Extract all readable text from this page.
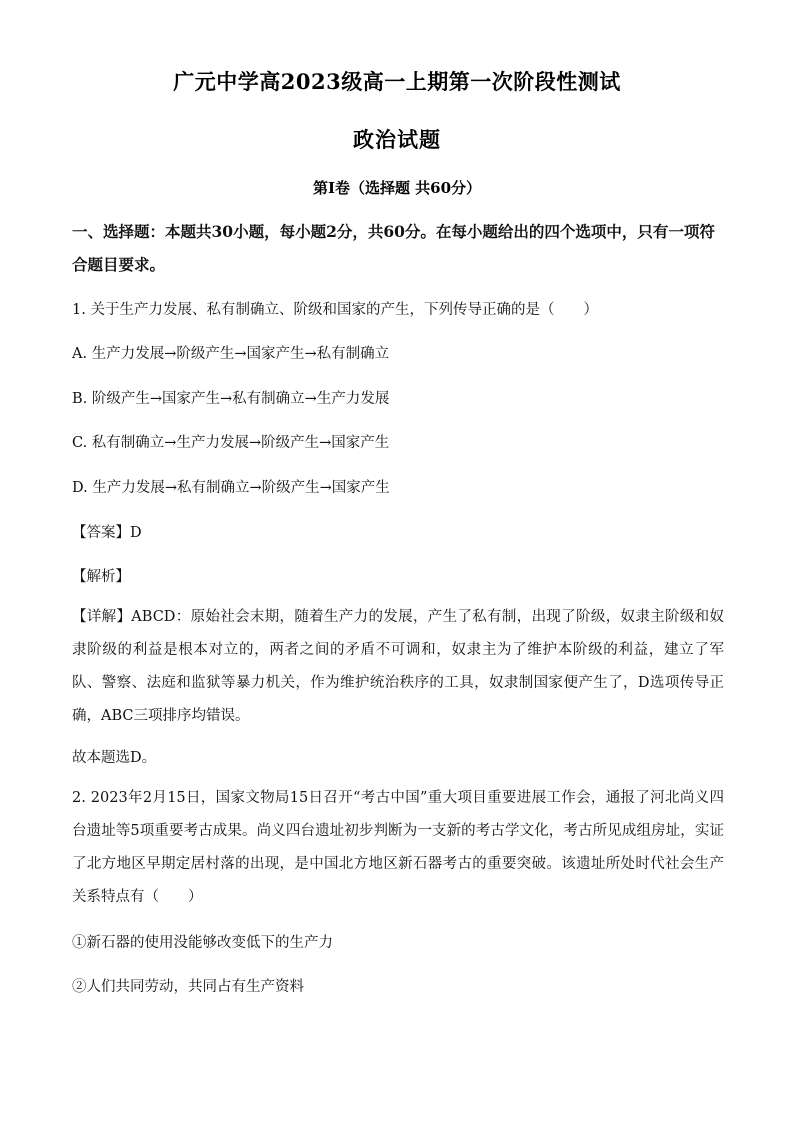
广元中学高2023级高一上期第一次阶段性测试
政治试题
第Ⅰ卷（选择题 共60分）
一、选择题：本题共30小题，每小题2分，共60分。在每小题给出的四个选项中，只有一项符合题目要求。
1. 关于生产力发展、私有制确立、阶级和国家的产生，下列传导正确的是（　　）
A. 生产力发展→阶级产生→国家产生→私有制确立
B. 阶级产生→国家产生→私有制确立→生产力发展
C. 私有制确立→生产力发展→阶级产生→国家产生
D. 生产力发展→私有制确立→阶级产生→国家产生
【答案】D
【解析】
【详解】ABCD：原始社会末期，随着生产力的发展，产生了私有制，出现了阶级，奴隶主阶级和奴隶阶级的利益是根本对立的，两者之间的矛盾不可调和，奴隶主为了维护本阶级的利益，建立了军队、警察、法庭和监狱等暴力机关，作为维护统治秩序的工具，奴隶制国家便产生了，D选项传导正确，ABC三项排序均错误。
故本题选D。
2. 2023年2月15日，国家文物局15日召开“考古中国”重大项目重要进展工作会，通报了河北尚义四台遗址等5项重要考古成果。尚义四台遗址初步判断为一支新的考古学文化，考古所见成组房址，实证了北方地区早期定居村落的出现，是中国北方地区新石器考古的重要突破。该遗址所处时代社会生产关系特点有（　　）
①新石器的使用没能够改变低下的生产力
②人们共同劳动，共同占有生产资料
